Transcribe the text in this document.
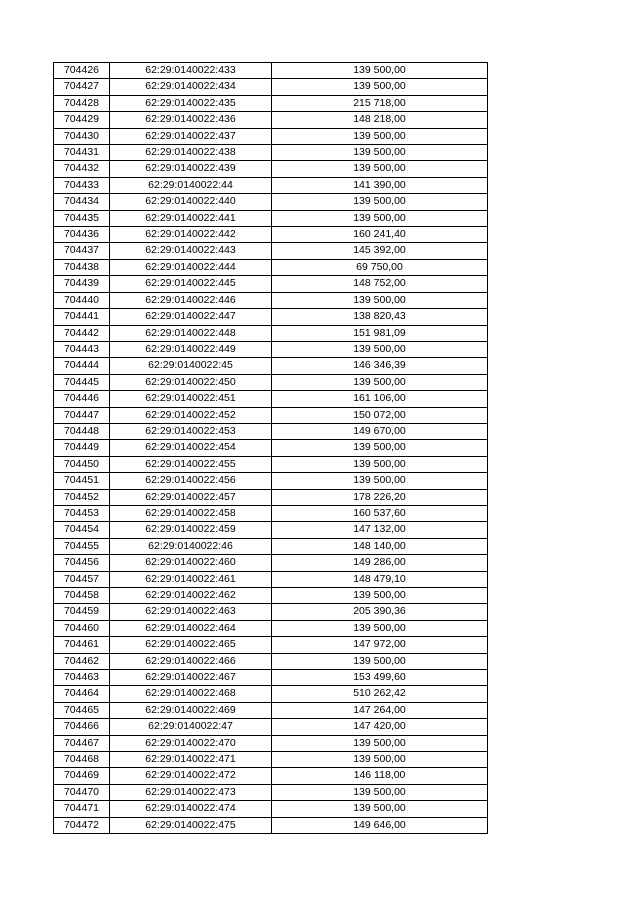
704426	62:29:0140022:433	139 500,00
704427	62:29:0140022:434	139 500,00
704428	62:29:0140022:435	215 718,00
704429	62:29:0140022:436	148 218,00
704430	62:29:0140022:437	139 500,00
704431	62:29:0140022:438	139 500,00
704432	62:29:0140022:439	139 500,00
704433	62:29:0140022:44	141 390,00
704434	62:29:0140022:440	139 500,00
704435	62:29:0140022:441	139 500,00
704436	62:29:0140022:442	160 241,40
704437	62:29:0140022:443	145 392,00
704438	62:29:0140022:444	69 750,00
704439	62:29:0140022:445	148 752,00
704440	62:29:0140022:446	139 500,00
704441	62:29:0140022:447	138 820,43
704442	62:29:0140022:448	151 981,09
704443	62:29:0140022:449	139 500,00
704444	62:29:0140022:45	146 346,39
704445	62:29:0140022:450	139 500,00
704446	62:29:0140022:451	161 106,00
704447	62:29:0140022:452	150 072,00
704448	62:29:0140022:453	149 670,00
704449	62:29:0140022:454	139 500,00
704450	62:29:0140022:455	139 500,00
704451	62:29:0140022:456	139 500,00
704452	62:29:0140022:457	178 226,20
704453	62:29:0140022:458	160 537,60
704454	62:29:0140022:459	147 132,00
704455	62:29:0140022:46	148 140,00
704456	62:29:0140022:460	149 286,00
704457	62:29:0140022:461	148 479,10
704458	62:29:0140022:462	139 500,00
704459	62:29:0140022:463	205 390,36
704460	62:29:0140022:464	139 500,00
704461	62:29:0140022:465	147 972,00
704462	62:29:0140022:466	139 500,00
704463	62:29:0140022:467	153 499,60
704464	62:29:0140022:468	510 262,42
704465	62:29:0140022:469	147 264,00
704466	62:29:0140022:47	147 420,00
704467	62:29:0140022:470	139 500,00
704468	62:29:0140022:471	139 500,00
704469	62:29:0140022:472	146 118,00
704470	62:29:0140022:473	139 500,00
704471	62:29:0140022:474	139 500,00
704472	62:29:0140022:475	149 646,00
